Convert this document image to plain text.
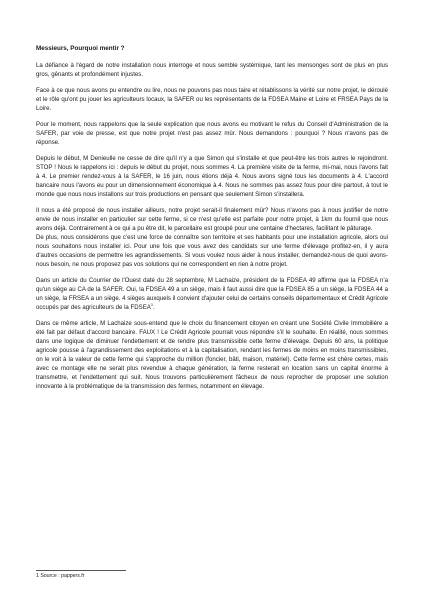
Messieurs, Pourquoi mentir ?

La défiance à l'égard de notre installation nous interroge et nous semble systémique, tant les mensonges sont de plus en plus gros, gênants et profondément injustes.

Face à ce que nous avons pu entendre ou lire, nous ne pouvons pas nous taire et rétablissons la vérité sur notre projet, le déroulé et le rôle qu'ont pu jouer les agriculteurs locaux, la SAFER ou les représentants de la FDSEA Maine et Loire et FRSEA Pays de la Loire.

Pour le moment, nous rappelons que la seule explication que nous avons eu motivant le refus du Conseil d'Administration de la SAFER, par voie de presse, est que notre projet n'est pas assez mûr. Nous demandons : pourquoi ? Nous n'avons pas de réponse.

Depuis le début, M Denieulle ne cesse de dire qu'il n'y a que Simon qui s'installe et que peut-être les trois autres le rejoindront. STOP ! Nous le rappelons ici : depuis le début du projet, nous sommes 4. La première visite de la ferme, mi-mai, nous l'avons fait à 4. Le premier rendez-vous à la SAFER, le 16 juin, nous étions déjà 4. Nous avons signé tous les documents à 4. L'accord bancaire nous l'avons eu pour un dimensionnement économique à 4. Nous ne sommes pas assez fous pour dire partout, à tout le monde que nous nous installons sur trois productions en pensant que seulement Simon s'installera.

Il nous a été proposé de nous installer ailleurs, notre projet serait-il finalement mûr? Nous n'avons pas à nous justifier de notre envie de nous installer en particulier sur cette ferme, si ce n'est qu'elle est parfaite pour notre projet, à 1km du fournil que nous avons déjà. Contrairement à ce qui a pu être dit, le parcellaire est groupé pour une centaine d'hectares, facilitant le pâturage.

De plus, nous considérons que c'est une force de connaître son territoire et ses habitants pour une installation agricole, alors oui nous souhaitons nous installer ici. Pour une fois que vous avez des candidats sur une ferme d'élevage profitez-en, il y aura d'autres occasions de permettre les agrandissements. Si vous voulez nous aider à nous installer, demandez-nous de quoi avons-nous besoin, ne nous proposez pas vos solutions qui ne correspondent en rien à notre projet.

Dans un article du Courrier de l'Ouest daté du 28 septembre, M Lachaize, président de la FDSEA 49 affirme que la FDSEA n'a qu'un siège au CA de la SAFER. Oui, la FDSEA 49 a un siège, mais il faut aussi dire que la FDSEA 85 a un siège, la FDSEA 44 a un siège, la FRSEA a un siège. 4 sièges auxquels il convient d'ajouter celui de certains conseils départementaux et Crédit Agricole occupés par des agriculteurs de la FDSEA$^1$.

Dans ce même article, M Lachaize sous-entend que le choix du financement citoyen en créant une Société Civile Immobilière a été fait par défaut d'accord bancaire. FAUX ! Le Crédit Agricole pourrait vous répondre s'il le souhaite. En réalité, nous sommes dans une logique de diminuer l'endettement et de rendre plus transmissible cette ferme d'élevage. Depuis 60 ans, la politique agricole pousse à l'agrandissement des exploitations et à la capitalisation, rendant les fermes de moins en moins transmissibles, on le voit à la valeur de cette ferme qui s'approche du million (foncier, bâti, maison, matériel). Cette ferme est chère certes, mais avec ce montage elle ne serait plus revendue à chaque génération, la ferme resterait en location sans un capital énorme à transmettre, et l'endettement qui suit. Nous trouvons particulièrement fâcheux de nous reprocher de proposer une solution innovante à la problématique de la transmission des fermes, notamment en élevage.

1 Source : pappers.fr
